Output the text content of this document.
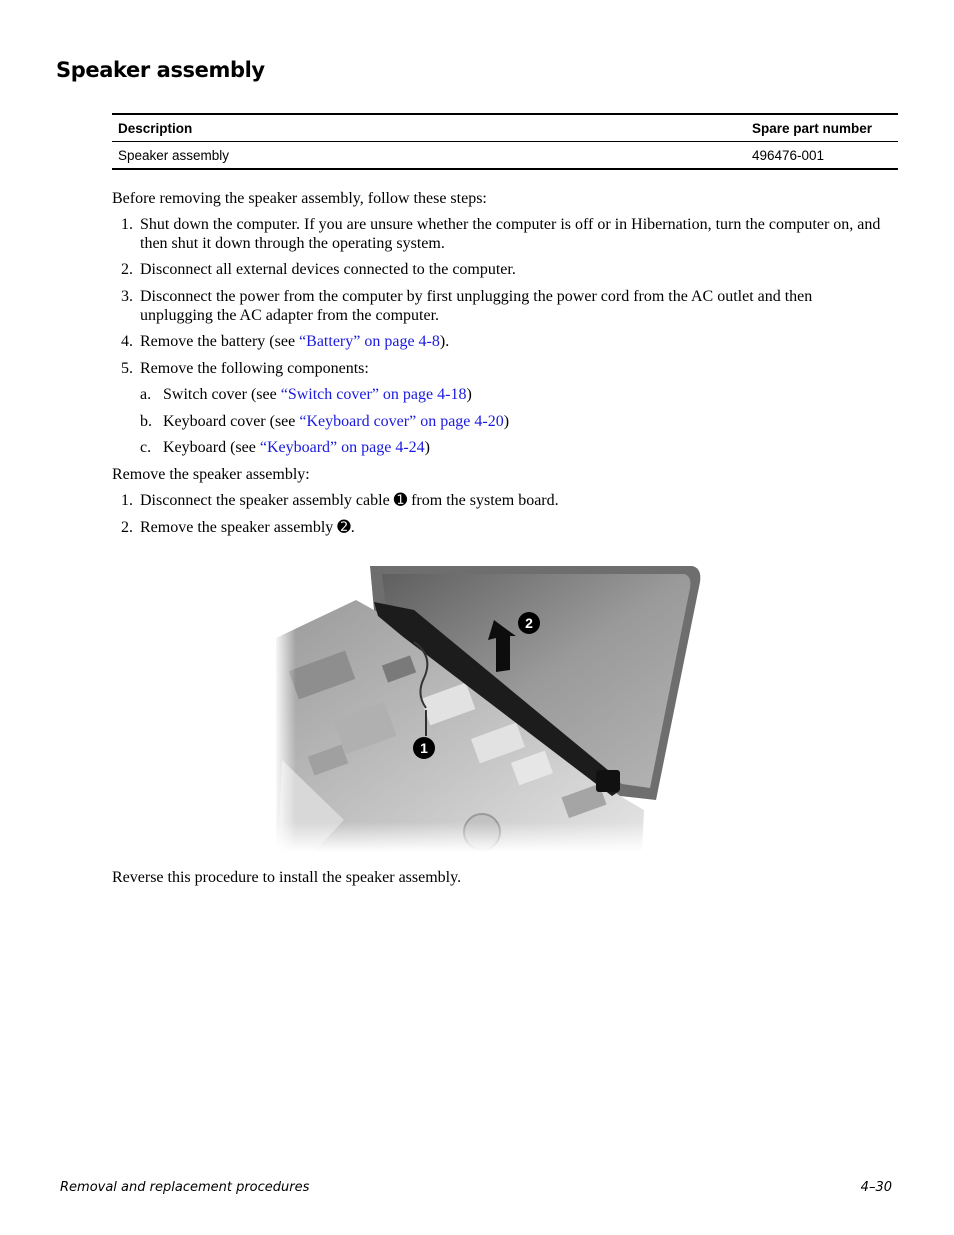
Speaker assembly
Description	Spare part number
Speaker assembly	496476-001
Before removing the speaker assembly, follow these steps:
1. Shut down the computer. If you are unsure whether the computer is off or in Hibernation, turn the computer on, and then shut it down through the operating system.
2. Disconnect all external devices connected to the computer.
3. Disconnect the power from the computer by first unplugging the power cord from the AC outlet and then unplugging the AC adapter from the computer.
4. Remove the battery (see “Battery” on page 4-8).
5. Remove the following components:
a. Switch cover (see “Switch cover” on page 4-18)
b. Keyboard cover (see “Keyboard cover” on page 4-20)
c. Keyboard (see “Keyboard” on page 4-24)
Remove the speaker assembly:
1. Disconnect the speaker assembly cable ➊ from the system board.
2. Remove the speaker assembly ➋.
1
2
Reverse this procedure to install the speaker assembly.
Removal and replacement procedures	4–30
